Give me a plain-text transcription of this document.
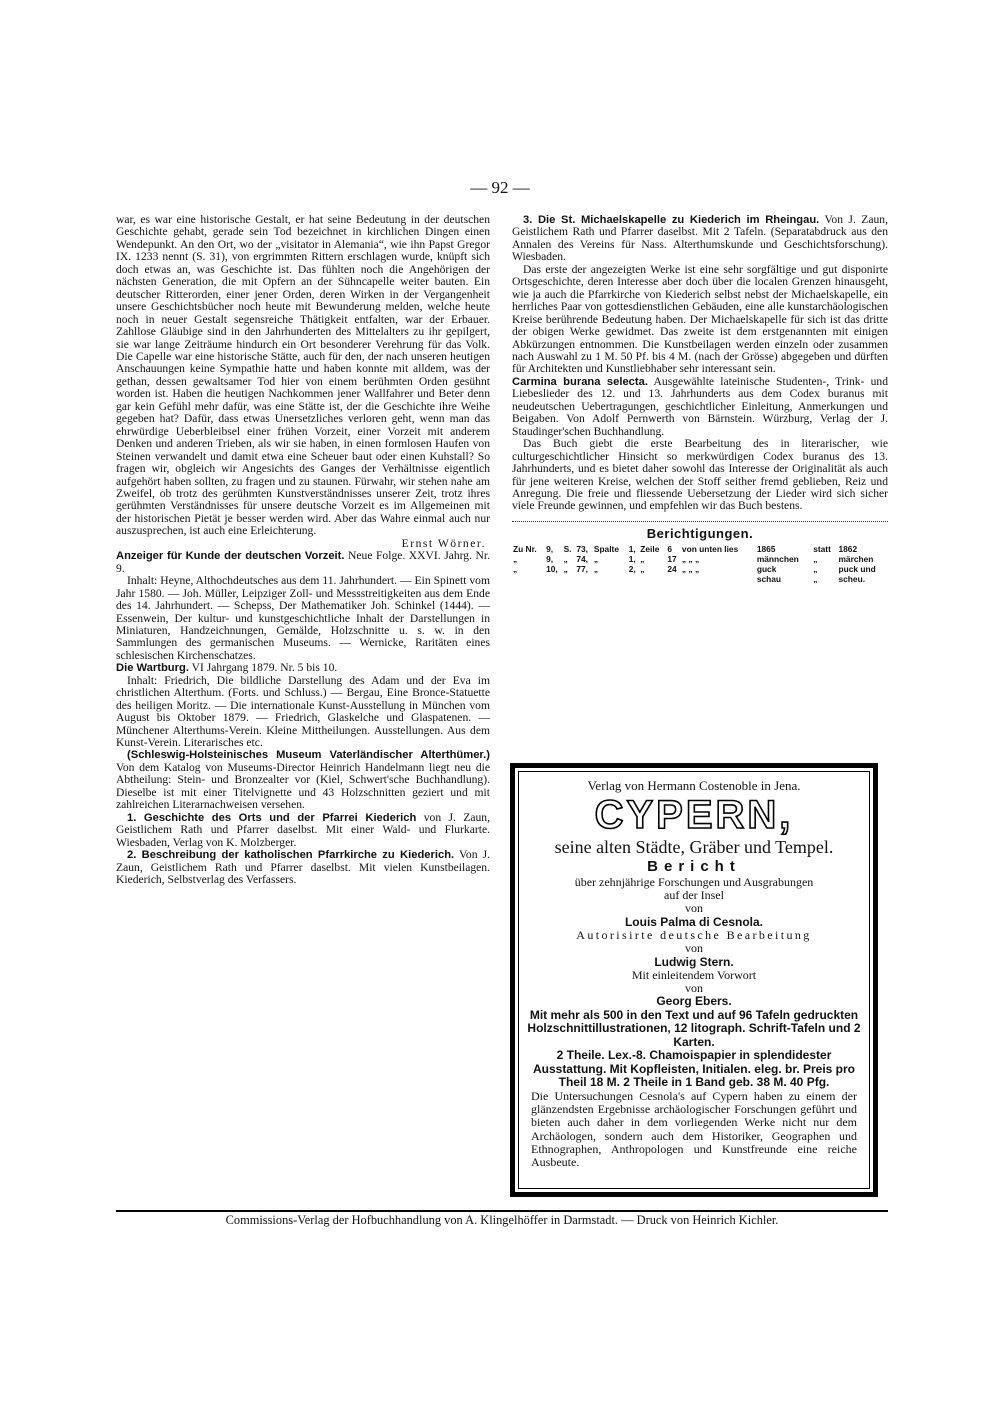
— 92 —

war, es war eine historische Gestalt, er hat seine Bedeutung in der deutschen Geschichte gehabt, gerade sein Tod bezeichnet in kirchlichen Dingen einen Wendepunkt. An den Ort, wo der „visitator in Alemania“, wie ihn Papst Gregor IX. 1233 nennt (S. 31), von ergrimmten Rittern erschlagen wurde, knüpft sich doch etwas an, was Geschichte ist. Das fühlten noch die Angehörigen der nächsten Generation, die mit Opfern an der Sühncapelle weiter bauten. Ein deutscher Ritterorden, einer jener Orden, deren Wirken in der Vergangenheit unsere Geschichtsbücher noch heute mit Bewunderung melden, welche heute noch in neuer Gestalt segensreiche Thätigkeit entfalten, war der Erbauer. Zahllose Gläubige sind in den Jahrhunderten des Mittelalters zu ihr gepilgert, sie war lange Zeiträume hindurch ein Ort besonderer Verehrung für das Volk. Die Capelle war eine historische Stätte, auch für den, der nach unseren heutigen Anschauungen keine Sympathie hatte und haben konnte mit alldem, was der gethan, dessen gewaltsamer Tod hier von einem berühmten Orden gesühnt worden ist. Haben die heutigen Nachkommen jener Wallfahrer und Beter denn gar kein Gefühl mehr dafür, was eine Stätte ist, der die Geschichte ihre Weihe gegeben hat? Dafür, dass etwas Unersetzliches verloren geht, wenn man das ehrwürdige Ueberbleibsel einer frühen Vorzeit, einer Vorzeit mit anderem Denken und anderen Trieben, als wir sie haben, in einen formlosen Haufen von Steinen verwandelt und damit etwa eine Scheuer baut oder einen Kuhstall? So fragen wir, obgleich wir Angesichts des Ganges der Verhältnisse eigentlich aufgehört haben sollten, zu fragen und zu staunen. Fürwahr, wir stehen nahe am Zweifel, ob trotz des gerühmten Kunstverständnisses unserer Zeit, trotz ihres gerühmten Verständnisses für unsere deutsche Vorzeit es im Allgemeinen mit der historischen Pietät je besser werden wird. Aber das Wahre einmal auch nur auszusprechen, ist auch eine Erleichterung.

Ernst Wörner.

Anzeiger für Kunde der deutschen Vorzeit. Neue Folge. XXVI. Jahrg. Nr. 9.

Inhalt: Heyne, Althochdeutsches aus dem 11. Jahrhundert. — Ein Spinett vom Jahr 1580. — Joh. Müller, Leipziger Zoll- und Messstreitigkeiten aus dem Ende des 14. Jahrhundert. — Schepss, Der Mathematiker Joh. Schinkel (1444). — Essenwein, Der kultur- und kunstgeschichtliche Inhalt der Darstellungen in Miniaturen, Handzeichnungen, Gemälde, Holzschnitte u. s. w. in den Sammlungen des germanischen Museums. — Wernicke, Raritäten eines schlesischen Kirchenschatzes.

Die Wartburg. VI Jahrgang 1879. Nr. 5 bis 10.

Inhalt: Friedrich, Die bildliche Darstellung des Adam und der Eva im christlichen Alterthum. (Forts. und Schluss.) — Bergau, Eine Bronce-Statuette des heiligen Moritz. — Die internationale Kunst-Ausstellung in München vom August bis Oktober 1879. — Friedrich, Glaskelche und Glaspatenen. — Münchener Alterthums-Verein. Kleine Mittheilungen. Ausstellungen. Aus dem Kunst-Verein. Literarisches etc.

(Schleswig-Holsteinisches Museum Vaterländischer Alterthümer.) Von dem Katalog von Museums-Director Heinrich Handelmann liegt neu die Abtheilung: Stein- und Bronzealter vor (Kiel, Schwert'sche Buchhandlung). Dieselbe ist mit einer Titelvignette und 43 Holzschnitten geziert und mit zahlreichen Literarnachweisen versehen.

1. Geschichte des Orts und der Pfarrei Kiederich von J. Zaun, Geistlichem Rath und Pfarrer daselbst. Mit einer Wald- und Flurkarte. Wiesbaden, Verlag von K. Molzberger.

2. Beschreibung der katholischen Pfarrkirche zu Kiederich. Von J. Zaun, Geistlichem Rath und Pfarrer daselbst. Mit vielen Kunstbeilagen. Kiederich, Selbstverlag des Verfassers.

3. Die St. Michaelskapelle zu Kiederich im Rheingau. Von J. Zaun, Geistlichem Rath und Pfarrer daselbst. Mit 2 Tafeln. (Separatabdruck aus den Annalen des Vereins für Nass. Alterthumskunde und Geschichtsforschung). Wiesbaden.

Das erste der angezeigten Werke ist eine sehr sorgfältige und gut disponirte Ortsgeschichte, deren Interesse aber doch über die localen Grenzen hinausgeht, wie ja auch die Pfarrkirche von Kiederich selbst nebst der Michaelskapelle, ein herrliches Paar von gottesdienstlichen Gebäuden, eine alle kunstarchäologischen Kreise berührende Bedeutung haben. Der Michaelskapelle für sich ist das dritte der obigen Werke gewidmet. Das zweite ist dem erstgenannten mit einigen Abkürzungen entnommen. Die Kunstbeilagen werden einzeln oder zusammen nach Auswahl zu 1 M. 50 Pf. bis 4 M. (nach der Grösse) abgegeben und dürften für Architekten und Kunstliebhaber sehr interessant sein.

Carmina burana selecta. Ausgewählte lateinische Studenten-, Trink- und Liebeslieder des 12. und 13. Jahrhunderts aus dem Codex buranus mit neudeutschen Uebertragungen, geschichtlicher Einleitung, Anmerkungen und Beigaben. Von Adolf Pernwerth von Bärnstein. Würzburg, Verlag der J. Staudinger'schen Buchhandlung.

Das Buch giebt die erste Bearbeitung des in literarischer, wie culturgeschichtlicher Hinsicht so merkwürdigen Codex buranus des 13. Jahrhunderts, und es bietet daher sowohl das Interesse der Originalität als auch für jene weiteren Kreise, welchen der Stoff seither fremd geblieben, Reiz und Anregung. Die freie und fliessende Uebersetzung der Lieder wird sich sicher viele Freunde gewinnen, und empfehlen wir das Buch bestens.

Berichtigungen.
Zu Nr.	9,	S.	73,	Spalte	1,	Zeile	6	von unten lies	1865	statt	1862
„	9,	„	74,	„	1,	„	17	„ „ „	männchen	„	märchen
„	10,	„	77,	„	2,	„	24	„ „ „	guck	„	puck und
									schau	„	scheu.

Verlag von Hermann Costenoble in Jena.

CYPERN,

seine alten Städte, Gräber und Tempel.

Bericht

über zehnjährige Forschungen und Ausgrabungen

auf der Insel

von

Louis Palma di Cesnola.

Autorisirte deutsche Bearbeitung

von

Ludwig Stern.

Mit einleitendem Vorwort

von

Georg Ebers.

Mit mehr als 500 in den Text und auf 96 Tafeln gedruckten Holzschnittillustrationen, 12 litograph. Schrift-Tafeln und 2 Karten.

2 Theile. Lex.-8. Chamoispapier in splendidester Ausstattung. Mit Kopfleisten, Initialen. eleg. br. Preis pro Theil 18 M. 2 Theile in 1 Band geb. 38 M. 40 Pfg.

Die Untersuchungen Cesnola's auf Cypern haben zu einem der glänzendsten Ergebnisse archäologischer Forschungen geführt und bieten auch daher in dem vorliegenden Werke nicht nur dem Archäologen, sondern auch dem Historiker, Geographen und Ethnographen, Anthropologen und Kunstfreunde eine reiche Ausbeute.

Commissions-Verlag der Hofbuchhandlung von A. Klingelhöffer in Darmstadt. — Druck von Heinrich Kichler.
